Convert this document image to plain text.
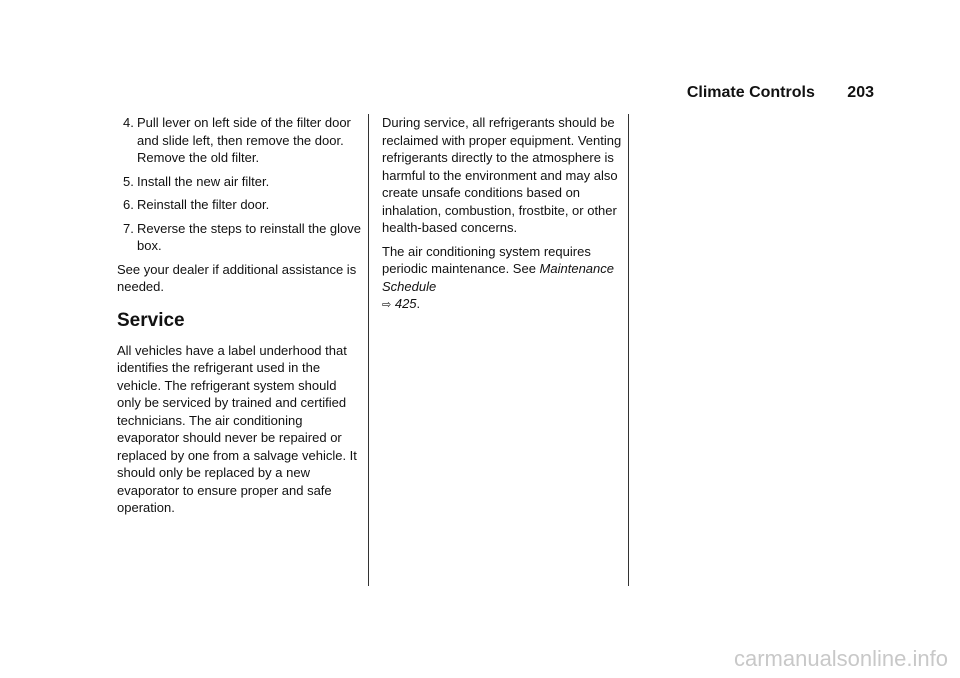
Climate Controls 203
4. Pull lever on left side of the filter door and slide left, then remove the door. Remove the old filter.
5. Install the new air filter.
6. Reinstall the filter door.
7. Reverse the steps to reinstall the glove box.

See your dealer if additional assistance is needed.

Service

All vehicles have a label underhood that identifies the refrigerant used in the vehicle. The refrigerant system should only be serviced by trained and certified technicians. The air conditioning evaporator should never be repaired or replaced by one from a salvage vehicle. It should only be replaced by a new evaporator to ensure proper and safe operation.

During service, all refrigerants should be reclaimed with proper equipment. Venting refrigerants directly to the atmosphere is harmful to the environment and may also create unsafe conditions based on inhalation, combustion, frostbite, or other health-based concerns.

The air conditioning system requires periodic maintenance. See Maintenance Schedule
⇨ 425.

carmanualsonline.info
